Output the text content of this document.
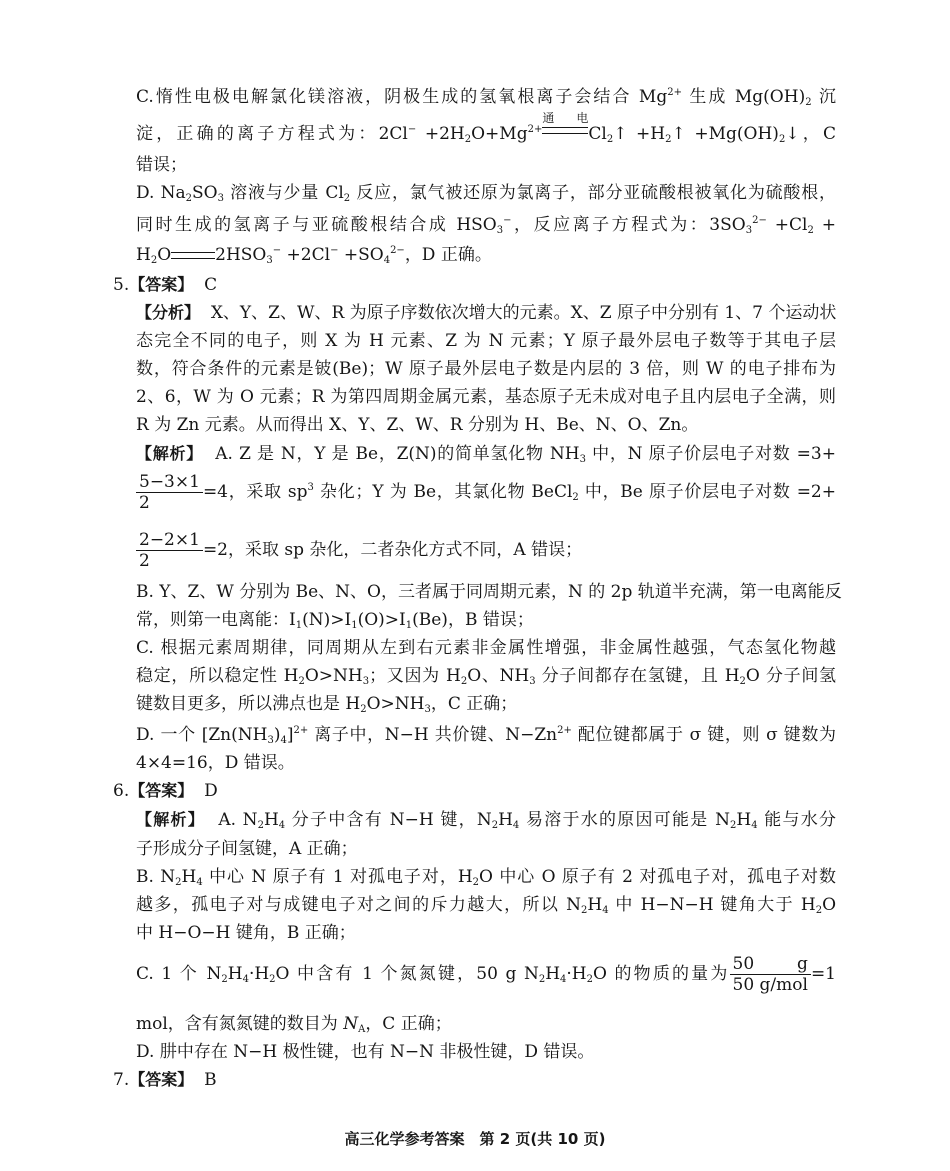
C.惰性电极电解氯化镁溶液，阴极生成的氢氧根离子会结合 $Mg^{2+}$ 生成 $Mg(OH)_2$ 沉
淀，正确的离子方程式为：$2Cl^- +2H_2O+Mg^{2+}$
通电
$Cl_2↑$ $+H_2↑$ $+Mg(OH)_2↓$，C
错误；
D. $Na_2SO_3$ 溶液与少量 $Cl_2$ 反应，氯气被还原为氯离子，部分亚硫酸根被氧化为硫酸根，
同时生成的氢离子与亚硫酸根结合成 $HSO_3^-$，反应离子方程式为：$3SO_3^{2-} +Cl_2$ +
$H_2O$	$2HSO_3^- +2Cl^- +SO_4^{2-}$，D 正确。
5.【答案】 C
【分析】 X、Y、Z、W、R 为原子序数依次增大的元素。X、Z 原子中分别有 1、7 个运动状
态完全不同的电子，则 X 为 H 元素、Z 为 N 元素；Y 原子最外层电子数等于其电子层
数，符合条件的元素是铍(Be)；W 原子最外层电子数是内层的 3 倍，则 W 的电子排布为
2、6，W 为 O 元素；R 为第四周期金属元素，基态原子无未成对电子且内层电子全满，则
R 为 Zn 元素。从而得出 X、Y、Z、W、R 分别为 H、Be、N、O、Zn。
【解析】 A. Z 是 N，Y 是 Be，Z(N)的简单氢化物 $NH_3$ 中，N 原子价层电子对数 =3+
$\frac{5-3\times 1}{2} =4$，采取 $sp^3$ 杂化；Y 为 Be，其氯化物 BeCl$_2$ 中，Be 原子价层电子对数 =2+
$\frac{2-2\times 1}{2} =2$，采取 sp 杂化，二者杂化方式不同，A 错误；
B. Y、Z、W 分别为 Be、N、O，三者属于同周期元素，N 的 2p 轨道半充满，第一电离能反
常，则第一电离能：$I_1(N)>I_1(O)>I_1(Be)$，B 错误；
C. 根据元素周期律，同周期从左到右元素非金属性增强，非金属性越强，气态氢化物越
稳定，所以稳定性 $H_2O>NH_3$；又因为 $H_2O$、$NH_3$ 分子间都存在氢键，且 $H_2O$ 分子间氢
键数目更多，所以沸点也是 $H_2O>NH_3$，C 正确；
D. 一个 $[Zn(NH_3)_4]^{2+}$ 离子中，N−H 共价键、$N-Zn^{2+}$ 配位键都属于 σ 键，则 σ 键数为
4×4=16，D 错误。
6.【答案】 D
【解析】 A. $N_2H_4$ 分子中含有 N−H 键，$N_2H_4$ 易溶于水的原因可能是 $N_2H_4$ 能与水分
子形成分子间氢键，A 正确；
B. $N_2H_4$ 中心 N 原子有 1 对孤电子对，$H_2O$ 中心 O 原子有 2 对孤电子对，孤电子对数
越多，孤电子对与成键电子对之间的斥力越大，所以 $N_2H_4$ 中 H−N−H 键角大于 $H_2O$
中 H−O−H 键角，B 正确；
C. 1 个 $N_2H_4\cdot H_2O$ 中含有 1 个氮氮键，50 g $N_2H_4\cdot H_2O$ 的物质的量为 $\frac{50 g}{\text{50 g/mol}} =1$
mol，含有氮氮键的数目为 $N_A$，C 正确；
D. 肼中存在 N−H 极性键，也有 N−N 非极性键，D 错误。
7.【答案】 B
高三化学参考答案　第 2 页(共 10 页)
